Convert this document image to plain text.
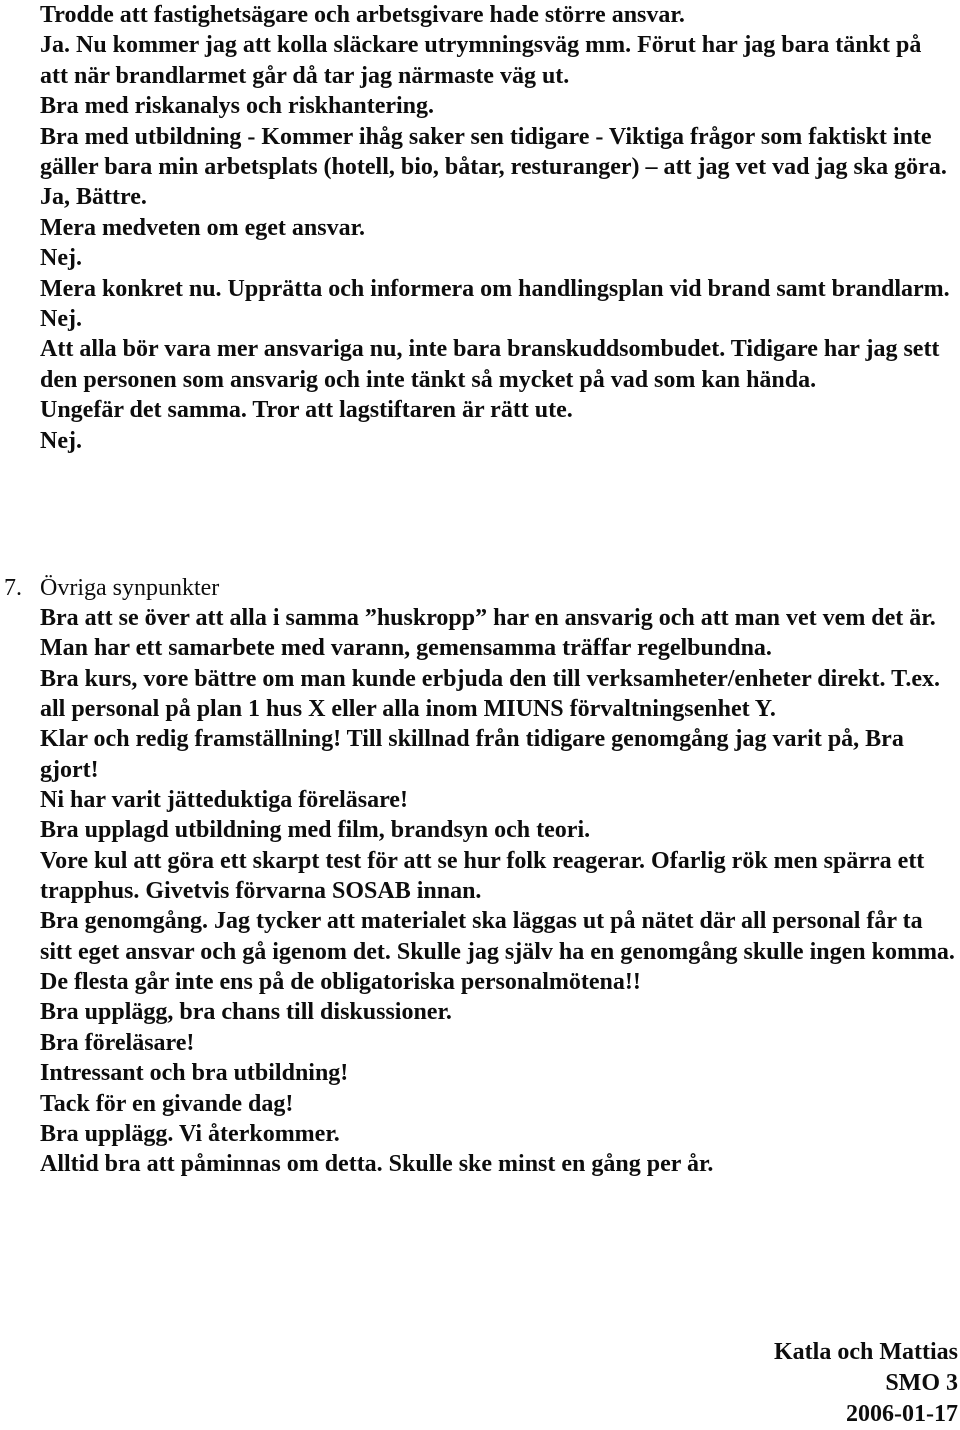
Trodde att fastighetsägare och arbetsgivare hade större ansvar.

Ja. Nu kommer jag att kolla släckare utrymningsväg mm. Förut har jag bara tänkt på att när brandlarmet går då tar jag närmaste väg ut.

Bra med riskanalys och riskhantering.

Bra med utbildning - Kommer ihåg saker sen tidigare - Viktiga frågor som faktiskt inte gäller bara min arbetsplats (hotell, bio, båtar, resturanger) – att jag vet vad jag ska göra.

Ja, Bättre.

Mera medveten om eget ansvar.

Nej.

Mera konkret nu. Upprätta och informera om handlingsplan vid brand samt brandlarm.

Nej.

Att alla bör vara mer ansvariga nu, inte bara branskuddsombudet. Tidigare har jag sett den personen som ansvarig och inte tänkt så mycket på vad som kan hända.

Ungefär det samma. Tror att lagstiftaren är rätt ute.

Nej.

7. Övriga synpunkter

Bra att se över att alla i samma ”huskropp” har en ansvarig och att man vet vem det är. Man har ett samarbete med varann, gemensamma träffar regelbundna.

Bra kurs, vore bättre om man kunde erbjuda den till verksamheter/enheter direkt. T.ex. all personal på plan 1 hus X eller alla inom MIUNS förvaltningsenhet Y.

Klar och redig framställning! Till skillnad från tidigare genomgång jag varit på, Bra gjort!

Ni har varit jätteduktiga föreläsare!

Bra upplagd utbildning med film, brandsyn och teori.

Vore kul att göra ett skarpt test för att se hur folk reagerar. Ofarlig rök men spärra ett trapphus. Givetvis förvarna SOSAB innan.

Bra genomgång. Jag tycker att materialet ska läggas ut på nätet där all personal får ta sitt eget ansvar och gå igenom det. Skulle jag själv ha en genomgång skulle ingen komma. De flesta går inte ens på de obligatoriska personalmötena!!

Bra upplägg, bra chans till diskussioner.

Bra föreläsare!

Intressant och bra utbildning!

Tack för en givande dag!

Bra upplägg. Vi återkommer.

Alltid bra att påminnas om detta. Skulle ske minst en gång per år.

Katla och Mattias
SMO 3
2006-01-17
